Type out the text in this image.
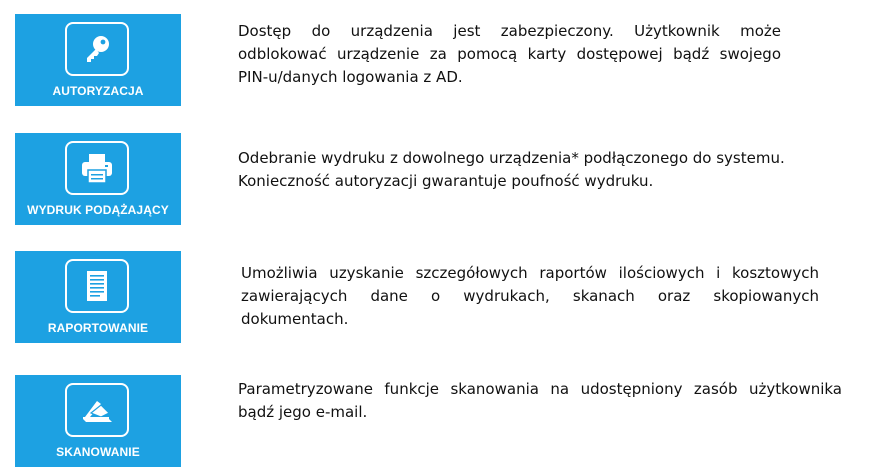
AUTORYZACJA
Dostęp do urządzenia jest zabezpieczony. Użytkownik może
odblokować urządzenie za pomocą karty dostępowej bądź swojego
PIN-u/danych logowania z AD.
WYDRUK PODĄŻAJĄCY
Odebranie wydruku z dowolnego urządzenia* podłączonego do systemu.
Konieczność autoryzacji gwarantuje poufność wydruku.
RAPORTOWANIE
Umożliwia uzyskanie szczegółowych raportów ilościowych i kosztowych
zawierających dane o wydrukach, skanach oraz skopiowanych
dokumentach.
SKANOWANIE
Parametryzowane funkcje skanowania na udostępniony zasób użytkownika
bądź jego e-mail.
